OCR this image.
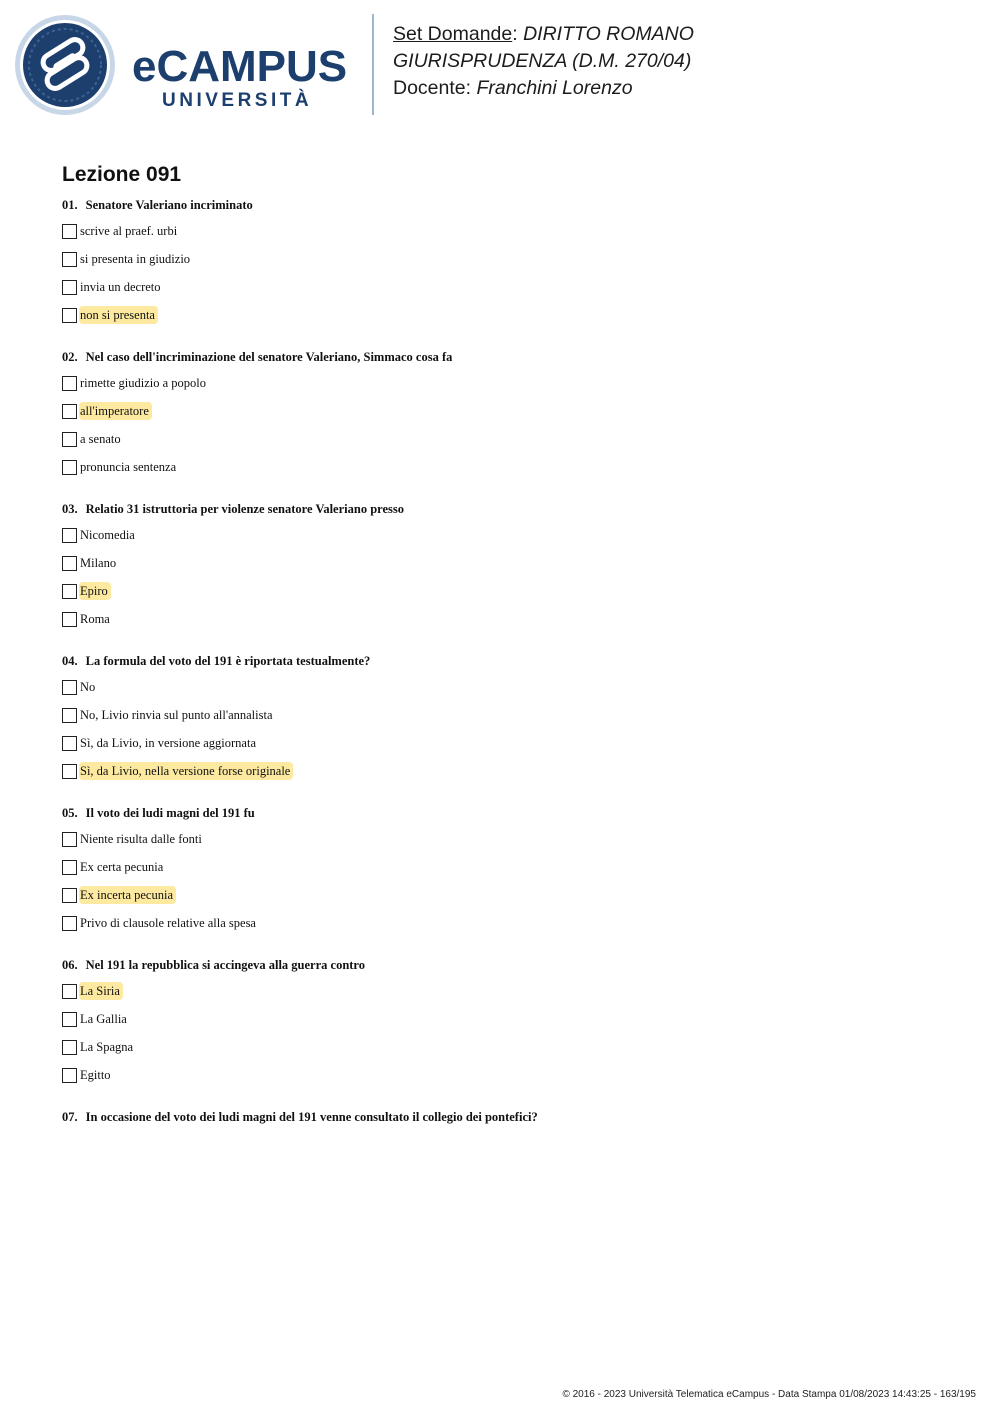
eCAMPUS
UNIVERSITÀ
Set Domande: DIRITTO ROMANO
GIURISPRUDENZA (D.M. 270/04)
Docente: Franchini Lorenzo
Lezione 091
01. Senatore Valeriano incriminato
scrive al praef. urbi
si presenta in giudizio
invia un decreto
non si presenta
02. Nel caso dell'incriminazione del senatore Valeriano, Simmaco cosa fa
rimette giudizio a popolo
all'imperatore
a senato
pronuncia sentenza
03. Relatio 31 istruttoria per violenze senatore Valeriano presso
Nicomedia
Milano
Epiro
Roma
04. La formula del voto del 191 è riportata testualmente?
No
No, Livio rinvia sul punto all'annalista
Sì, da Livio, in versione aggiornata
Sì, da Livio, nella versione forse originale
05. Il voto dei ludi magni del 191 fu
Niente risulta dalle fonti
Ex certa pecunia
Ex incerta pecunia
Privo di clausole relative alla spesa
06. Nel 191 la repubblica si accingeva alla guerra contro
La Siria
La Gallia
La Spagna
Egitto
07. In occasione del voto dei ludi magni del 191 venne consultato il collegio dei pontefici?
© 2016 - 2023 Università Telematica eCampus - Data Stampa 01/08/2023 14:43:25 - 163/195
